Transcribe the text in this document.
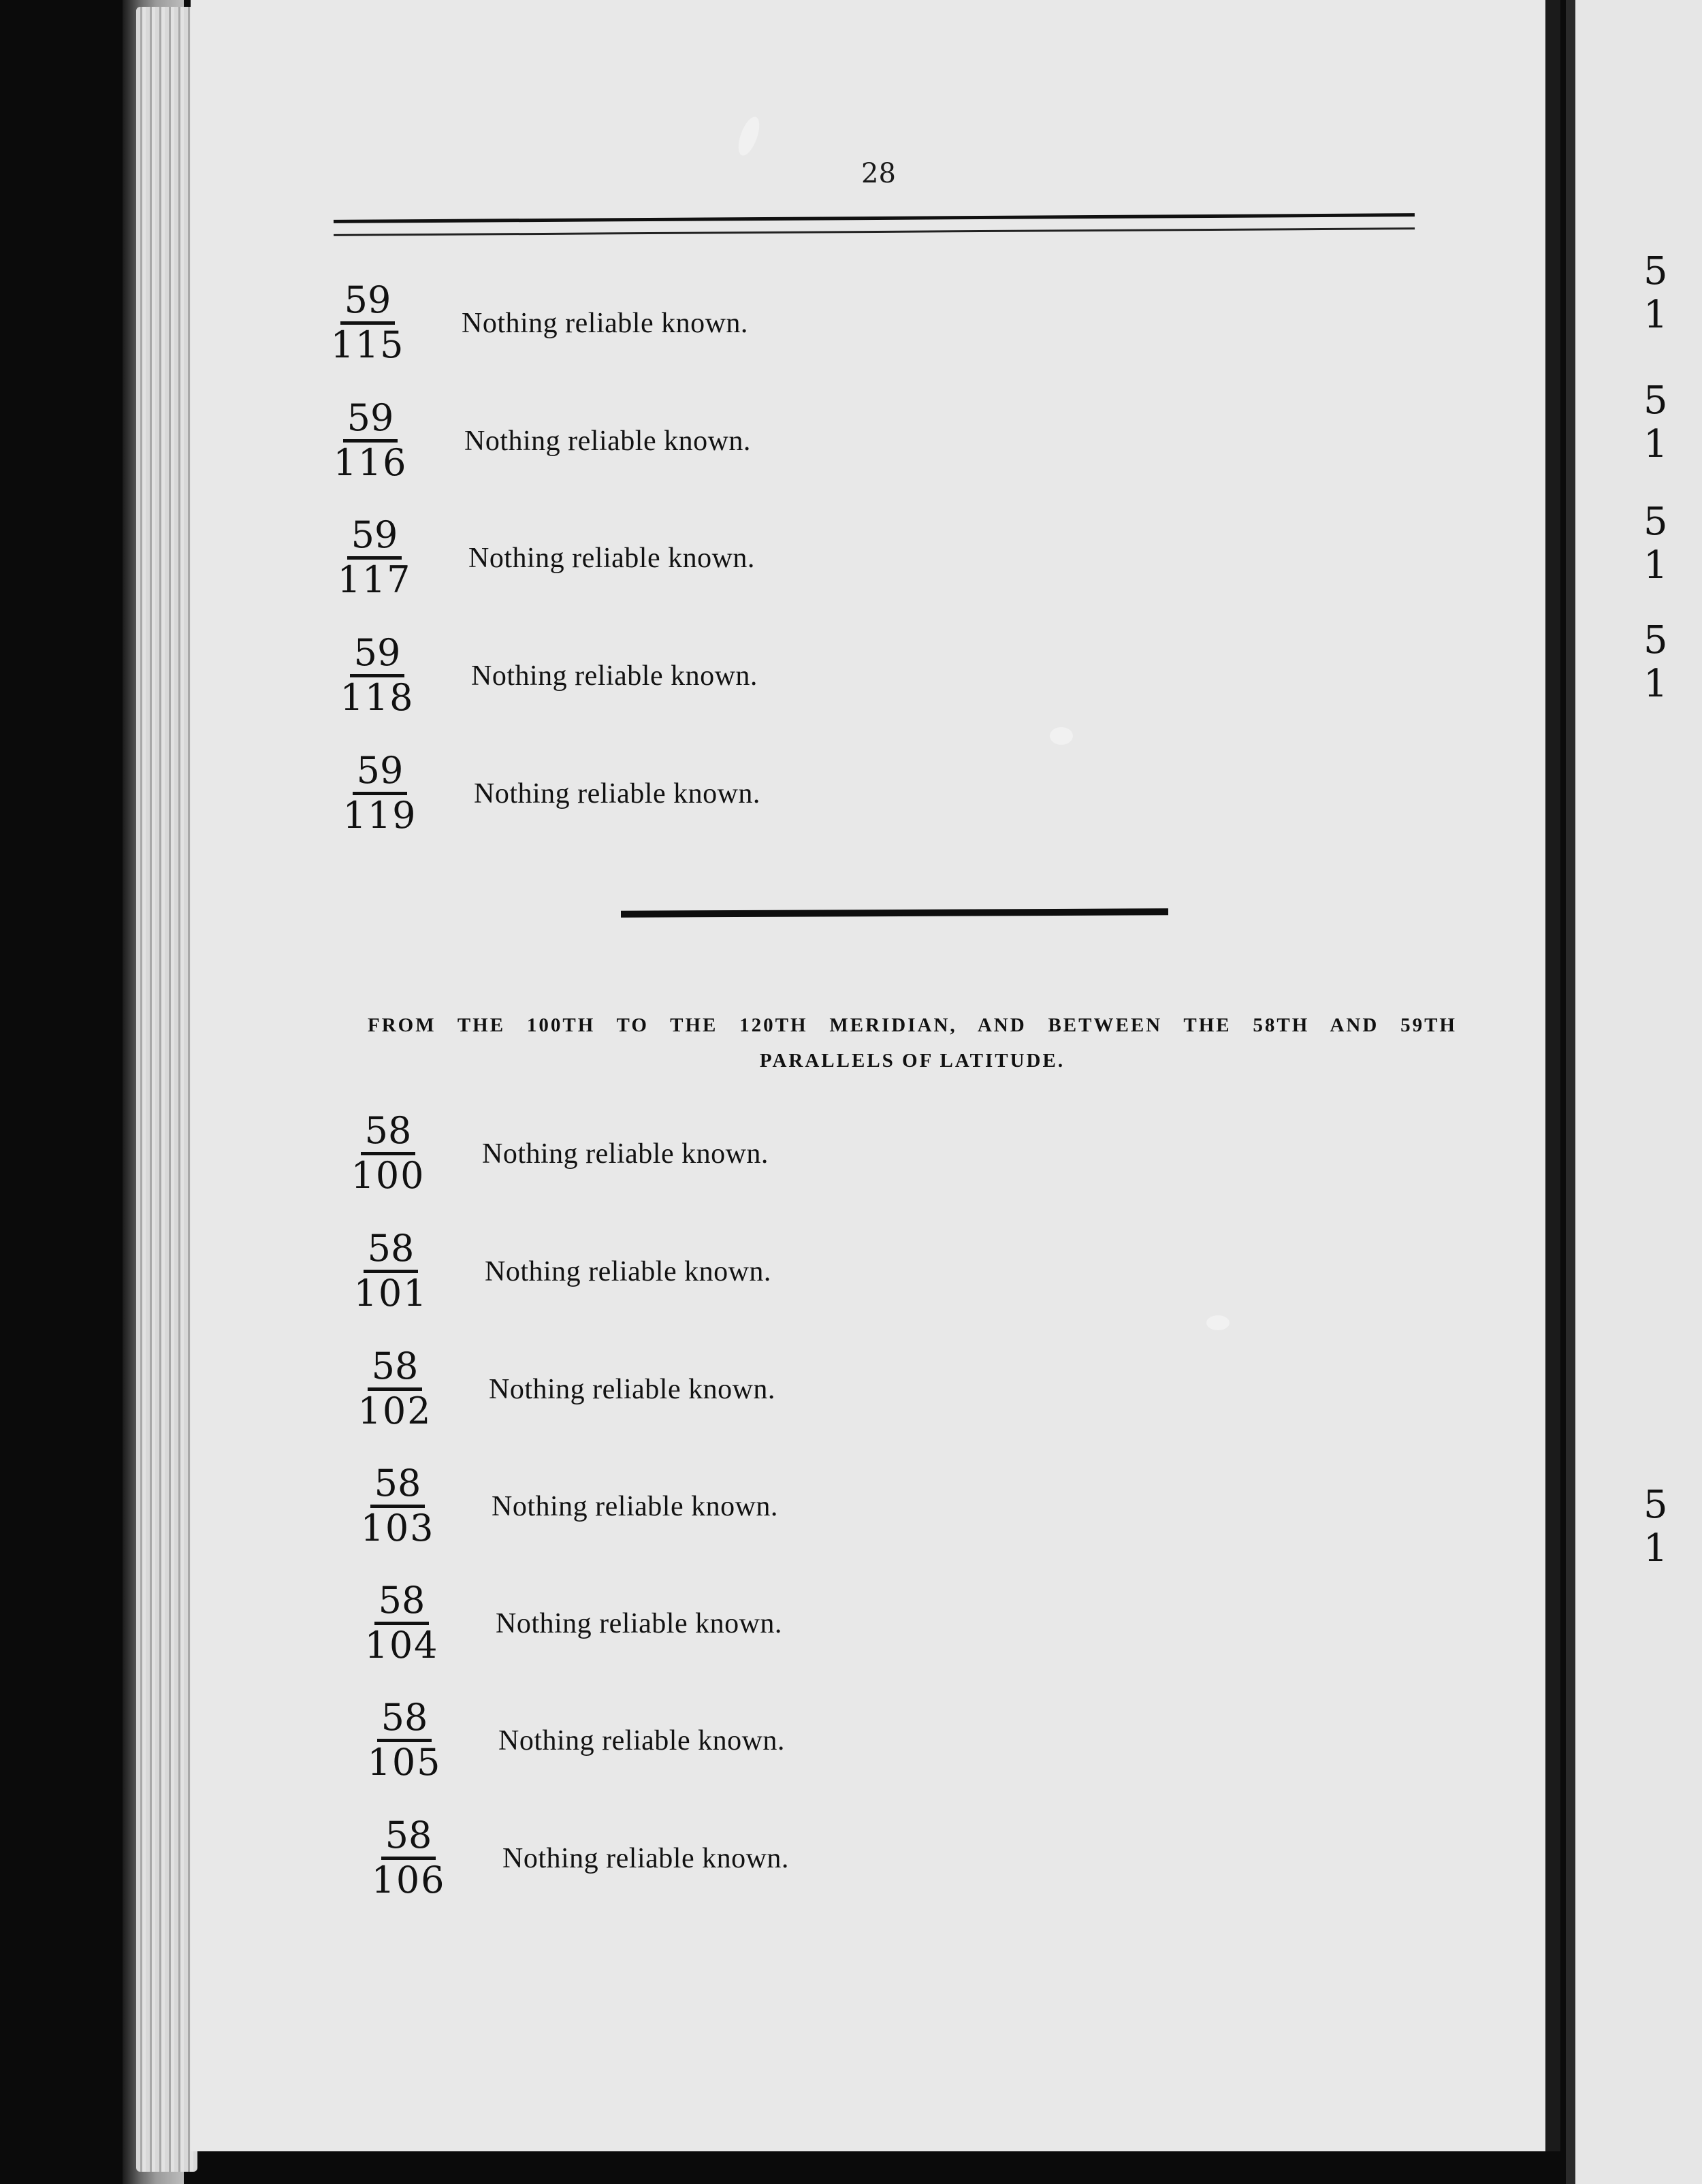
28
59
115
Nothing reliable known.
59
116
Nothing reliable known.
59
117
Nothing reliable known.
59
118
Nothing reliable known.
59
119
Nothing reliable known.
FROM THE 100TH TO THE 120TH MERIDIAN, AND BETWEEN THE 58TH AND 59TH
PARALLELS OF LATITUDE.
58
100
Nothing reliable known.
58
101
Nothing reliable known.
58
102
Nothing reliable known.
58
103
Nothing reliable known.
58
104
Nothing reliable known.
58
105
Nothing reliable known.
58
106
Nothing reliable known.
5
1
5
1
5
1
5
1
5
1
